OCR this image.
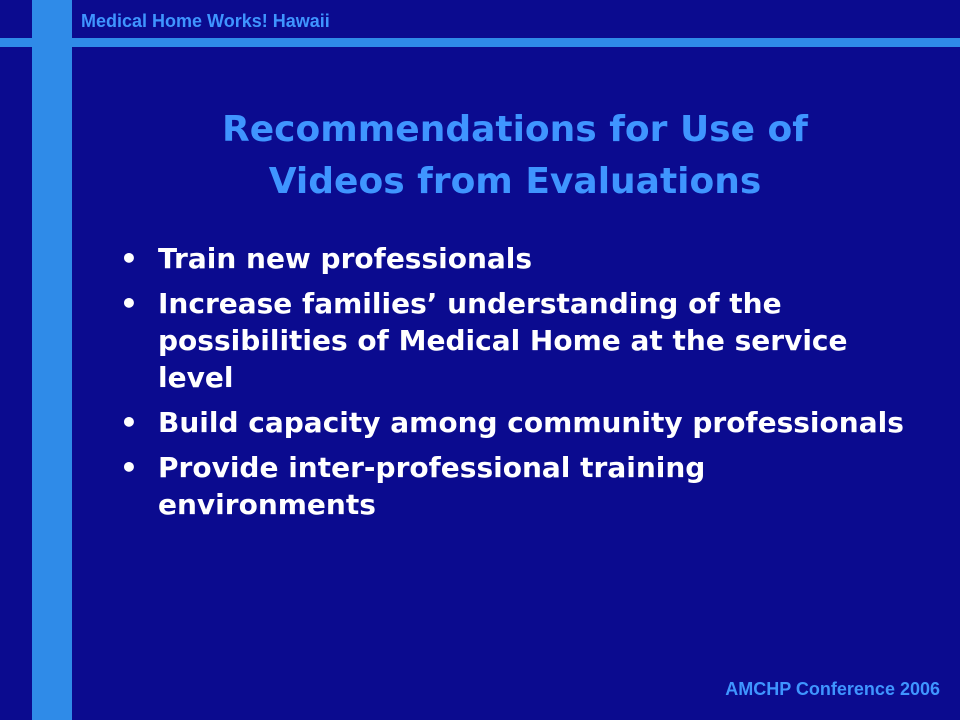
Medical Home Works! Hawaii
Recommendations for Use of
Videos from Evaluations
• Train new professionals
• Increase families’ understanding of the possibilities of Medical Home at the service level
• Build capacity among community professionals
• Provide inter-professional training environments
AMCHP Conference 2006
